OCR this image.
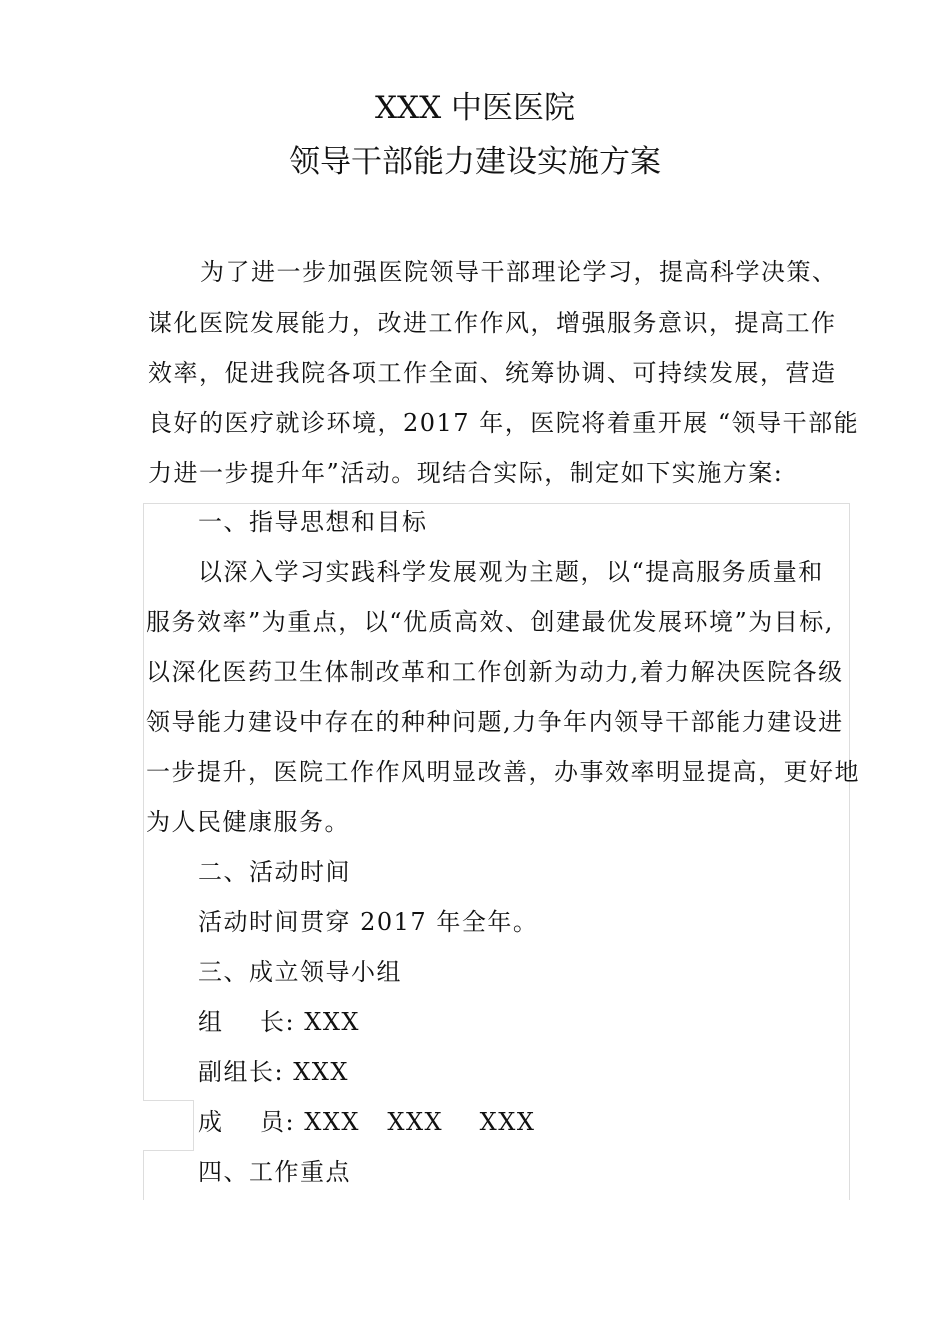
XXX 中医医院
领导干部能力建设实施方案

为了进一步加强医院领导干部理论学习，提高科学决策、

谋化医院发展能力，改进工作作风，增强服务意识，提高工作

效率，促进我院各项工作全面、统筹协调、可持续发展，营造

良好的医疗就诊环境，2017 年，医院将着重开展 “领导干部能

力进一步提升年”活动。现结合实际，制定如下实施方案:

一、指导思想和目标

以深入学习实践科学发展观为主题，以“提高服务质量和

服务效率”为重点，以“优质高效、创建最优发展环境”为目标,

以深化医药卫生体制改革和工作创新为动力,着力解决医院各级

领导能力建设中存在的种种问题,力争年内领导干部能力建设进

一步提升，医院工作作风明显改善，办事效率明显提高，更好地

为人民健康服务。

二、活动时间

活动时间贯穿 2017 年全年。

三、成立领导小组

组    长: XXX

副组长: XXX

成    员: XXX   XXX    XXX

四、工作重点
